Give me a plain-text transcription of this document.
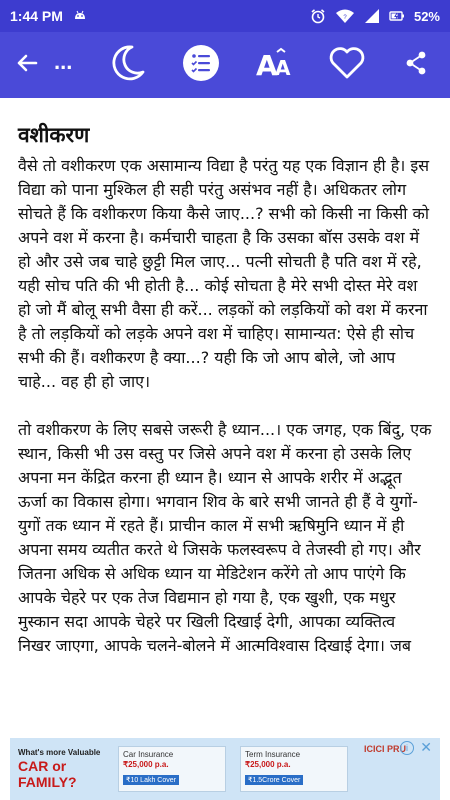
1:44 PM	?	52%
...	A
A
वशीकरण

वैसे तो वशीकरण एक असामान्य विद्या है परंतु यह एक विज्ञान ही है। इस विद्या को पाना मुश्किल ही सही परंतु असंभव नहीं है। अधिकतर लोग सोचते हैं कि वशीकरण किया कैसे जाए...? सभी को किसी ना किसी को अपने वश में करना है। कर्मचारी चाहता है कि उसका बॉस उसके वश में हो और उसे जब चाहे छुट्टी मिल जाए... पत्नी सोचती है पति वश में रहे, यही सोच पति की भी होती है... कोई सोचता है मेरे सभी दोस्त मेरे वश हो जो मैं बोलू सभी वैसा ही करें... लड़कों को लड़कियों को वश में करना है तो लड़कियों को लड़के अपने वश में चाहिए। सामान्यत: ऐसे ही सोच सभी की हैं। वशीकरण है क्या...? यही कि जो आप बोले, जो आप चाहे... वह ही हो जाए।

तो वशीकरण के लिए सबसे जरूरी है ध्यान...। एक जगह, एक बिंदु, एक स्थान, किसी भी उस वस्तु पर जिसे अपने वश में करना हो उसके लिए अपना मन केंद्रित करना ही ध्यान है। ध्यान से आपके शरीर में अद्भूत ऊर्जा का विकास होगा। भगवान शिव के बारे सभी जानते ही हैं वे युगों-युगों तक ध्यान में रहते हैं। प्राचीन काल में सभी ऋषिमुनि ध्यान में ही अपना समय व्यतीत करते थे जिसके फलस्वरूप वे तेजस्वी हो गए। और जितना अधिक से अधिक ध्यान या मेडिटेशन करेंगे तो आप पाएंगे कि आपके चेहरे पर एक तेज विद्यमान हो गया है, एक खुशी, एक मधुर मुस्कान सदा आपके चेहरे पर खिली दिखाई देगी, आपका व्यक्तित्व निखर जाएगा, आपके चलने-बोलने में आत्मविश्वास दिखाई देगा। जब

What's more Valuable
CAR or FAMILY?
Car Insurance
₹25,000 p.a.
₹10 Lakh Cover
Term Insurance
₹25,000 p.a.
₹1.5Crore Cover
ICICI PRU i ✕
